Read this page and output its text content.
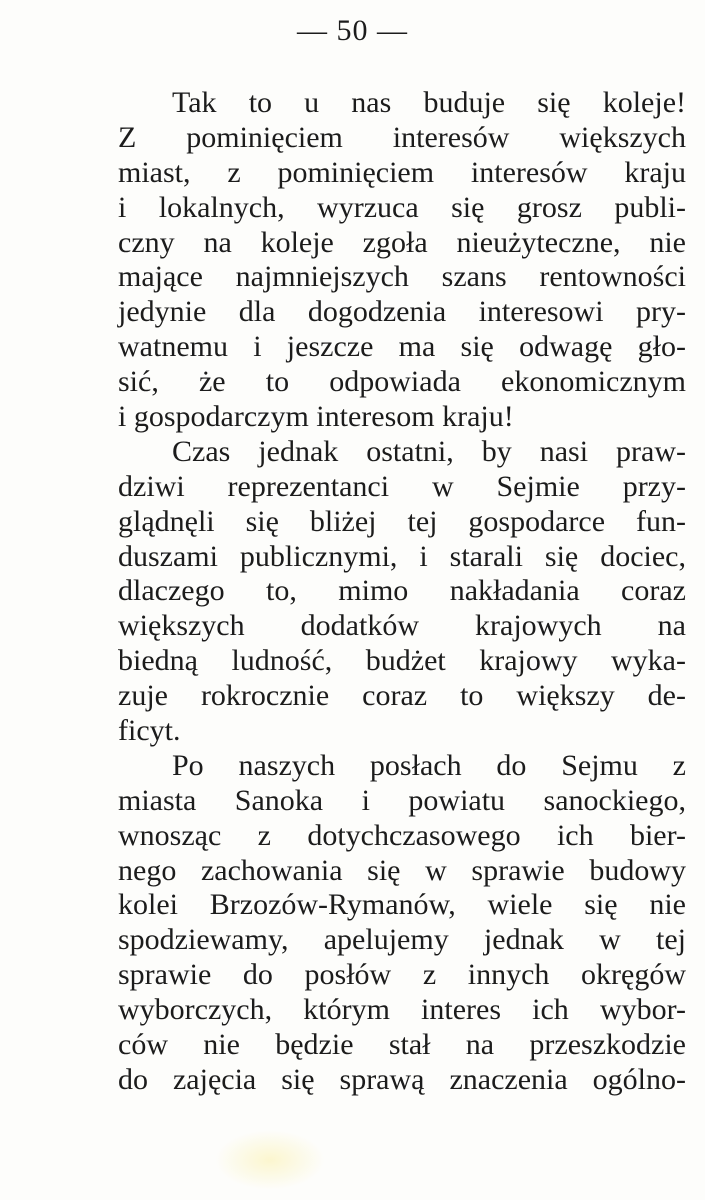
— 50 —
Tak to u nas buduje się koleje!
Z pominięciem interesów większych
miast, z pominięciem interesów kraju
i lokalnych, wyrzuca się grosz publi-
czny na koleje zgoła nieużyteczne, nie
mające najmniejszych szans rentowności
jedynie dla dogodzenia interesowi pry-
watnemu i jeszcze ma się odwagę gło-
sić, że to odpowiada ekonomicznym
i gospodarczym interesom kraju!
Czas jednak ostatni, by nasi praw-
dziwi reprezentanci w Sejmie przy-
glądnęli się bliżej tej gospodarce fun-
duszami publicznymi, i starali się dociec,
dlaczego to, mimo nakładania coraz
większych dodatków krajowych na
biedną ludność, budżet krajowy wyka-
zuje rokrocznie coraz to większy de-
ficyt.
Po naszych posłach do Sejmu z
miasta Sanoka i powiatu sanockiego,
wnosząc z dotychczasowego ich bier-
nego zachowania się w sprawie budowy
kolei Brzozów-Rymanów, wiele się nie
spodziewamy, apelujemy jednak w tej
sprawie do posłów z innych okręgów
wyborczych, którym interes ich wybor-
ców nie będzie stał na przeszkodzie
do zajęcia się sprawą znaczenia ogólno-
